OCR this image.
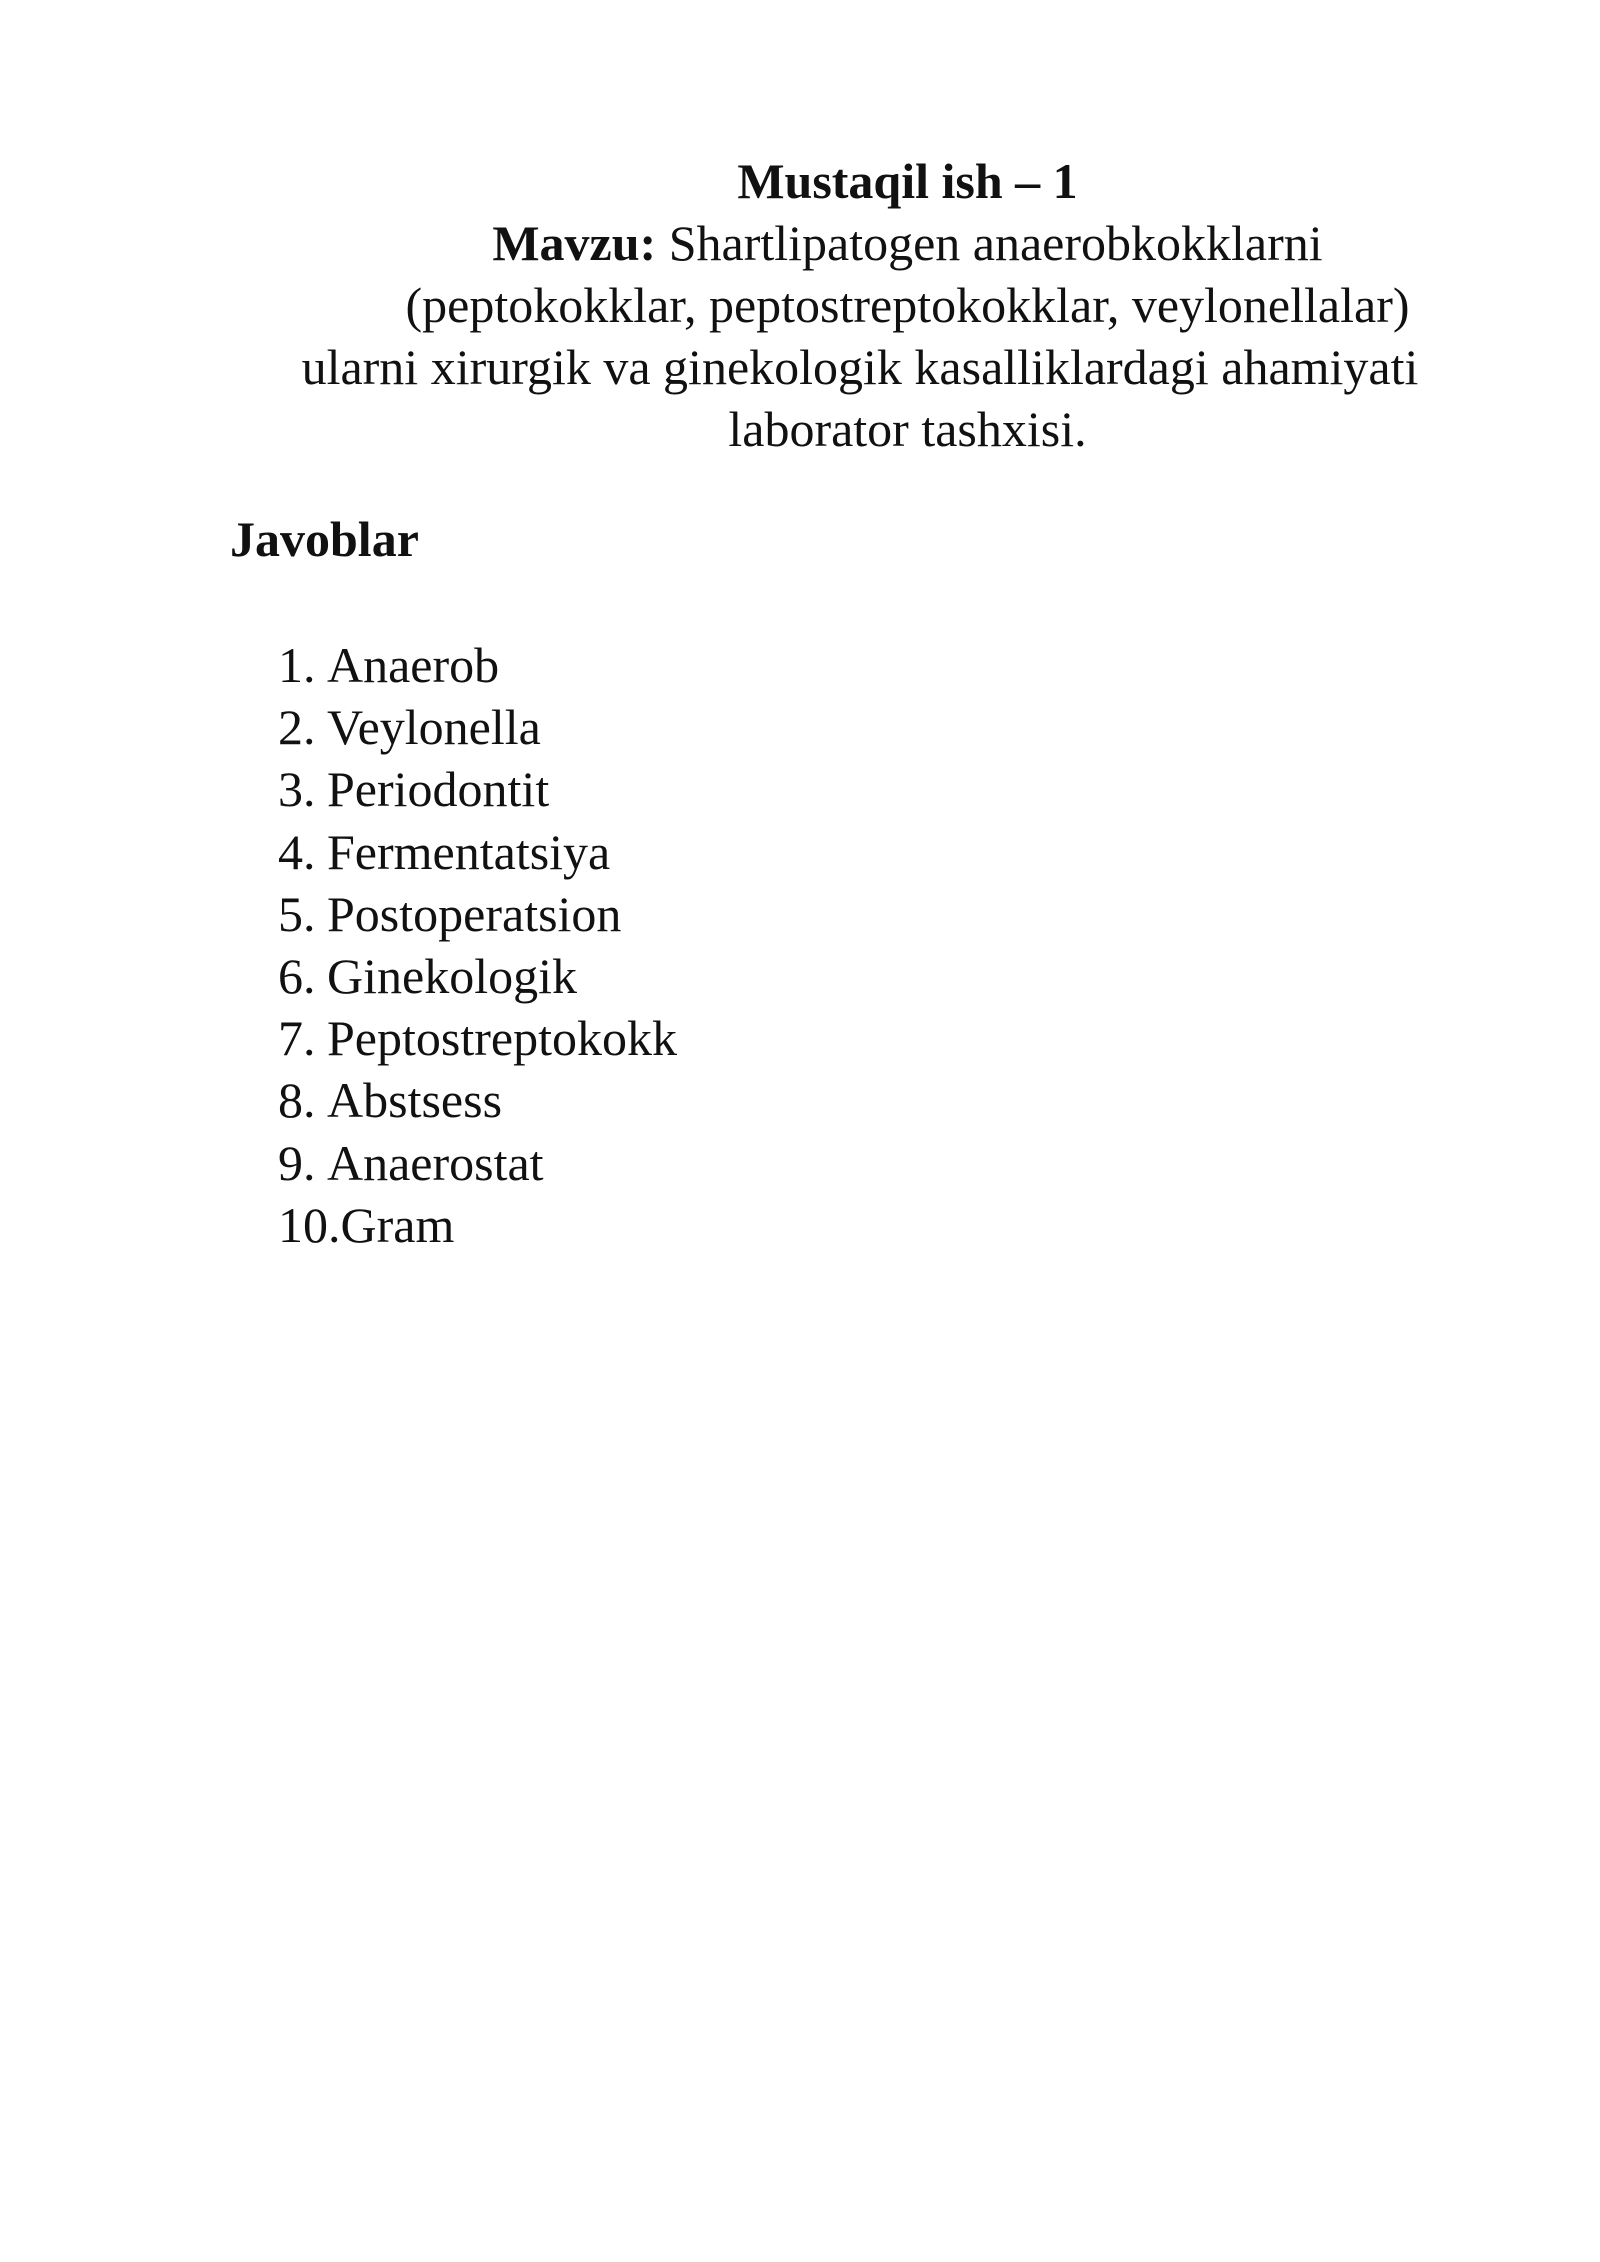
Mustaqil ish – 1
Mavzu: Shartlipatogen anaerobkokklarni
(peptokokklar, peptostreptokokklar, veylonellalar)
ularni xirurgik va ginekologik kasalliklardagi ahamiyati
laborator tashxisi.
Javoblar
1. Anaerob
2. Veylonella
3. Periodontit
4. Fermentatsiya
5. Postoperatsion
6. Ginekologik
7. Peptostreptokokk
8. Abstsess
9. Anaerostat
10.Gram
